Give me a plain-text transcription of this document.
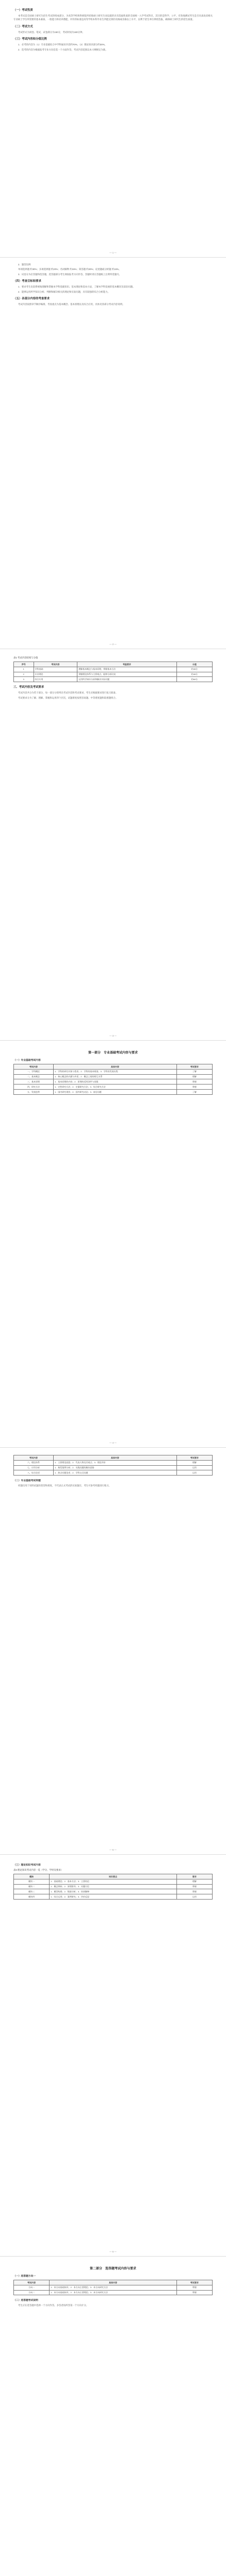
（一）考试性质
本考试是全国硕士研究生招生考试的组成部分，为高等学校和科研院所招收硕士研究生而设置的具有选拔性质的全国统一入学考试科目，其目的是科学、公平、有效地测试考生是否具备攻读相关专业硕士学位所需要的基本素质、一般能力和培养潜能，评价的标准是高等学校本科毕业生所能达到的及格或及格以上水平，以利于招生单位择优选拔，确保硕士研究生的招生质量。
（二）考试方式
考试形式为闭卷、笔试，试卷满分为150分，考试时间为180分钟。
（三）考试内容和分值比例
1．必考的内容为（1）专业基础综合中学科通识内容约70%，（2）理论知识部分约30%。
2．选考的内容为根据报考专业方向任选一个方面作答，考试内容范围以本大纲规定为准。
— 1 —
2．题型比例
单项选择题 约30%；多项选择题 约20%；名词解释 约15%；简答题 约20%；论述题或分析题 约15%。
3．试卷分为必答题和选答题，选答题部分考生须按报考方向作答，答题时请在答题纸上注明所选题号。
（四）考查目标和要求
1．要求考生比较系统地理解和掌握本学科基础知识、基本理论和基本方法，了解本学科发展的基本概况及前沿问题。
2．能够运用所学知识分析、判断和解决相关的理论和实际问题，具有较强的综合分析能力。
（五）各部分内容的考查要求
考试内容按照章节顺序编排，考查重点为基本概念、基本原理以及综合应用，具体见各部分考试内容说明。
— 2 —
表1 考试内容结构与分值
序号	考试内容	考查要求	分值
1	学科基础	理解基本概念与基本原理，掌握基本方法	约45分
2	专业理论	掌握理论体系与主要观点，能够分析比较	约45分
3	综合应用	运用所学知识分析和解决实际问题	约60分
三、考试内容及考试要求
考试内容共分为若干部分，每一部分分别列出考试内容和考试要求，考生应根据要求进行复习准备。
考试要求分为了解、理解、掌握和运用四个层次，试题难度按照容易题、中等难度题和较难题组合。
— 3 —
第一部分　专业基础考试内容与要求
（一）专业基础考试内容
考试内容	具体内容	考试要求
一、学科概论	1．学科的研究对象与性质；2．学科的基本框架；3．学科的发展历程	了解
二、基本概念	1．核心概念的内涵与外延；2．概念之间的相互关系	理解
三、基本原理	1．基本原理的内容；2．原理的适用条件与局限	掌握
四、研究方法	1．定性研究方法；2．定量研究方法；3．综合研究方法	掌握
五、发展趋势	1．国内研究现状；2．国外研究动态；3．前沿问题	了解
— 4 —
考试内容	具体内容	考试要求
六、理论体系	1．主要理论流派；2．代表人物及其观点；3．理论评价	理解
七、应用分析	1．典型案例分析；2．实践问题的解决思路	运用
八、综合论述	1．热点问题论述；2．学科交叉问题	运用
（二）专业基础考试样题
样题仅用于说明试题的类型和难度，不代表正式考试的实际题目，考生可参考样题进行练习。
— 5 —
（三）理论知识考试内容
表2 理论知识考试内容一览（学分、学时及要求）
模块	知识要点	要求
模块一	1．基础理论；2．基本方法；3．主要结论	理解
模块二	1．概念辨析；2．原理推导；3．问题讨论	掌握
模块三	1．模型构建；2．数据分析；3．结果解释	掌握
模块四	1．综合运用；2．案例研究；3．评价反思	运用
— 6 —
第二部分　选答题考试内容与要求
（一）选答题方向一
考试内容	具体内容	考试要求
方向一	1．本方向基础知识；2．本方向主要理论；3．本方向研究方法	掌握
方向二	1．本方向基础知识；2．本方向主要理论；3．本方向研究方法	掌握
（二）选答题考试说明
考生应在选答题中选择一个方向作答，多答者按所答第一个方向计分。
